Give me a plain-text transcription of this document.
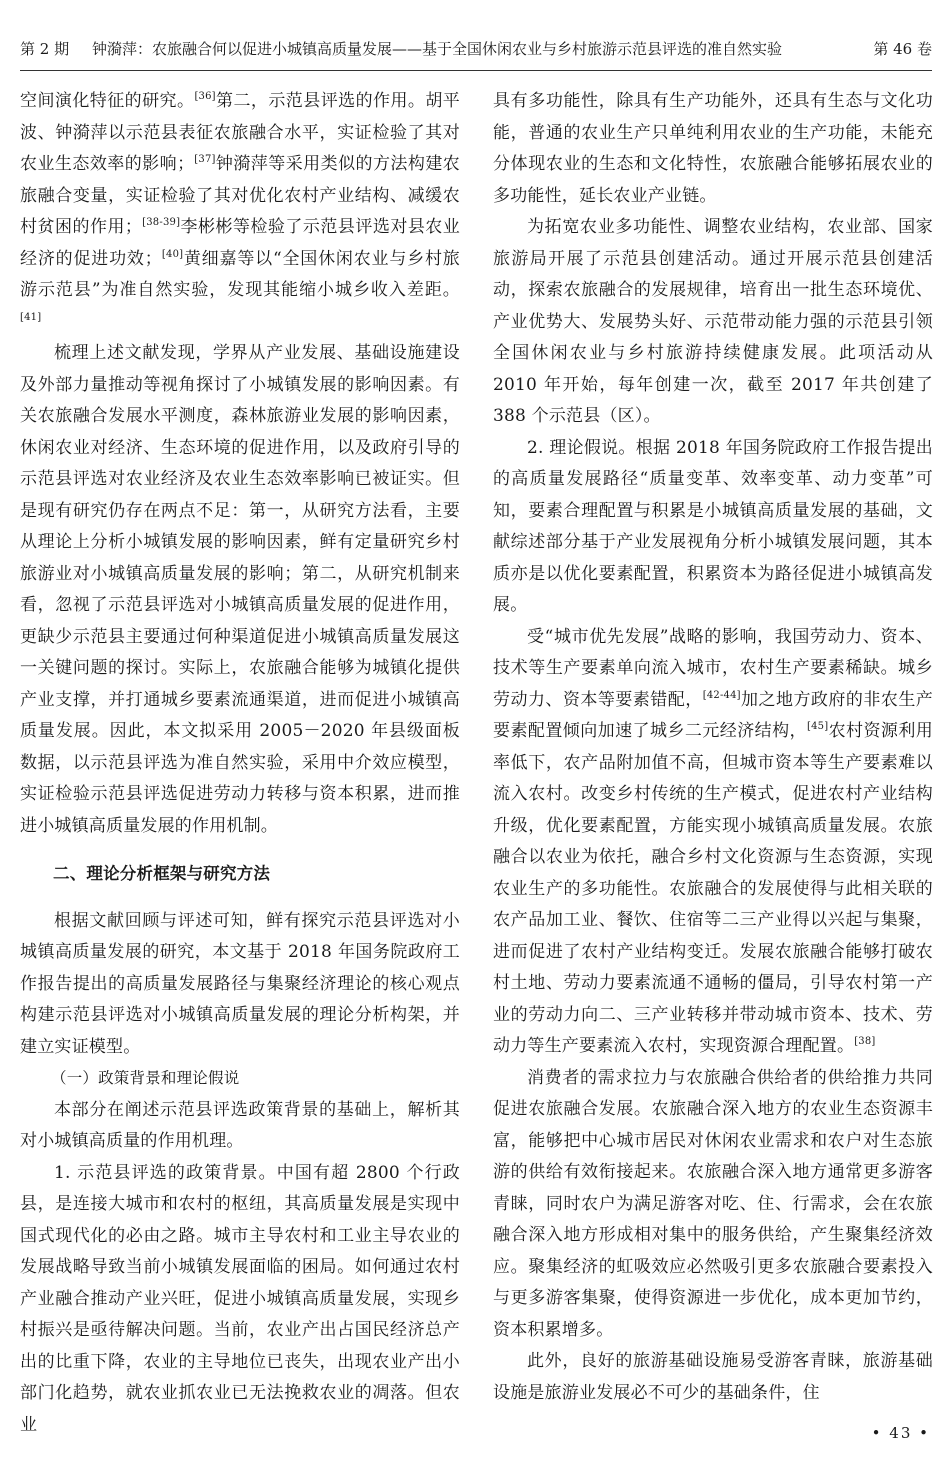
第 2 期 钟漪萍：农旅融合何以促进小城镇高质量发展——基于全国休闲农业与乡村旅游示范县评选的准自然实验	第 46 卷

空间演化特征的研究。[36]第二，示范县评选的作用。胡平波、钟漪萍以示范县表征农旅融合水平，实证检验了其对农业生态效率的影响；[37]钟漪萍等采用类似的方法构建农旅融合变量，实证检验了其对优化农村产业结构、减缓农村贫困的作用；[38-39]李彬彬等检验了示范县评选对县农业经济的促进功效；[40]黄细嘉等以“全国休闲农业与乡村旅游示范县”为准自然实验，发现其能缩小城乡收入差距。[41]

梳理上述文献发现，学界从产业发展、基础设施建设及外部力量推动等视角探讨了小城镇发展的影响因素。有关农旅融合发展水平测度，森林旅游业发展的影响因素，休闲农业对经济、生态环境的促进作用，以及政府引导的示范县评选对农业经济及农业生态效率影响已被证实。但是现有研究仍存在两点不足：第一，从研究方法看，主要从理论上分析小城镇发展的影响因素，鲜有定量研究乡村旅游业对小城镇高质量发展的影响；第二，从研究机制来看，忽视了示范县评选对小城镇高质量发展的促进作用，更缺少示范县主要通过何种渠道促进小城镇高质量发展这一关键问题的探讨。实际上，农旅融合能够为城镇化提供产业支撑，并打通城乡要素流通渠道，进而促进小城镇高质量发展。因此，本文拟采用 2005－2020 年县级面板数据，以示范县评选为准自然实验，采用中介效应模型，实证检验示范县评选促进劳动力转移与资本积累，进而推进小城镇高质量发展的作用机制。

二、理论分析框架与研究方法

根据文献回顾与评述可知，鲜有探究示范县评选对小城镇高质量发展的研究，本文基于 2018 年国务院政府工作报告提出的高质量发展路径与集聚经济理论的核心观点构建示范县评选对小城镇高质量发展的理论分析构架，并建立实证模型。

（一）政策背景和理论假说

本部分在阐述示范县评选政策背景的基础上，解析其对小城镇高质量的作用机理。

1. 示范县评选的政策背景。中国有超 2800 个行政县，是连接大城市和农村的枢纽，其高质量发展是实现中国式现代化的必由之路。城市主导农村和工业主导农业的发展战略导致当前小城镇发展面临的困局。如何通过农村产业融合推动产业兴旺，促进小城镇高质量发展，实现乡村振兴是亟待解决问题。当前，农业产出占国民经济总产出的比重下降，农业的主导地位已丧失，出现农业产出小部门化趋势，就农业抓农业已无法挽救农业的凋落。但农业

具有多功能性，除具有生产功能外，还具有生态与文化功能，普通的农业生产只单纯利用农业的生产功能，未能充分体现农业的生态和文化特性，农旅融合能够拓展农业的多功能性，延长农业产业链。

为拓宽农业多功能性、调整农业结构，农业部、国家旅游局开展了示范县创建活动。通过开展示范县创建活动，探索农旅融合的发展规律，培育出一批生态环境优、产业优势大、发展势头好、示范带动能力强的示范县引领全国休闲农业与乡村旅游持续健康发展。此项活动从 2010 年开始，每年创建一次，截至 2017 年共创建了 388 个示范县（区）。

2. 理论假说。根据 2018 年国务院政府工作报告提出的高质量发展路径“质量变革、效率变革、动力变革”可知，要素合理配置与积累是小城镇高质量发展的基础，文献综述部分基于产业发展视角分析小城镇发展问题，其本质亦是以优化要素配置，积累资本为路径促进小城镇高发展。

受“城市优先发展”战略的影响，我国劳动力、资本、技术等生产要素单向流入城市，农村生产要素稀缺。城乡劳动力、资本等要素错配，[42-44]加之地方政府的非农生产要素配置倾向加速了城乡二元经济结构，[45]农村资源利用率低下，农产品附加值不高，但城市资本等生产要素难以流入农村。改变乡村传统的生产模式，促进农村产业结构升级，优化要素配置，方能实现小城镇高质量发展。农旅融合以农业为依托，融合乡村文化资源与生态资源，实现农业生产的多功能性。农旅融合的发展使得与此相关联的农产品加工业、餐饮、住宿等二三产业得以兴起与集聚，进而促进了农村产业结构变迁。发展农旅融合能够打破农村土地、劳动力要素流通不通畅的僵局，引导农村第一产业的劳动力向二、三产业转移并带动城市资本、技术、劳动力等生产要素流入农村，实现资源合理配置。[38]

消费者的需求拉力与农旅融合供给者的供给推力共同促进农旅融合发展。农旅融合深入地方的农业生态资源丰富，能够把中心城市居民对休闲农业需求和农户对生态旅游的供给有效衔接起来。农旅融合深入地方通常更多游客青睐，同时农户为满足游客对吃、住、行需求，会在农旅融合深入地方形成相对集中的服务供给，产生聚集经济效应。聚集经济的虹吸效应必然吸引更多农旅融合要素投入与更多游客集聚，使得资源进一步优化，成本更加节约，资本积累增多。

此外，良好的旅游基础设施易受游客青睐，旅游基础设施是旅游业发展必不可少的基础条件，住

• 43 •
